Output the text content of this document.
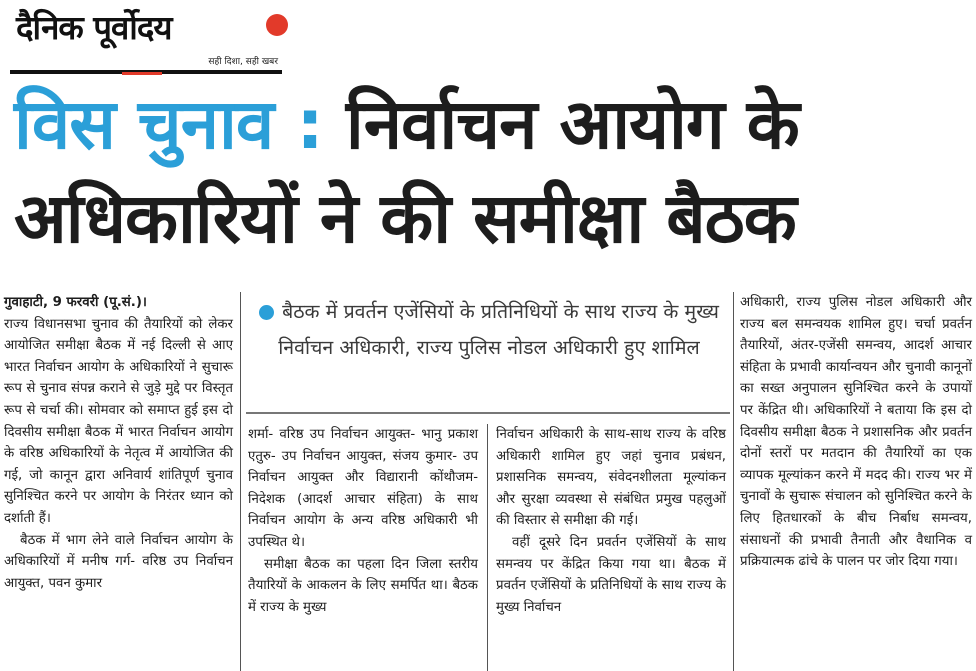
दैनिक पूर्वोदय
सही दिशा, सही खबर
विस चुनाव : निर्वाचन आयोग के
अधिकारियों ने की समीक्षा बैठक

गुवाहाटी, 9 फरवरी (पू.सं.)।

राज्य विधानसभा चुनाव की तैयारियों को लेकर आयोजित समीक्षा बैठक में नई दिल्ली से आए भारत निर्वाचन आयोग के अधिकारियों ने सुचारू रूप से चुनाव संपन्न कराने से जुड़े मुद्दे पर विस्तृत रूप से चर्चा की। सोमवार को समाप्त हुई इस दो दिवसीय समीक्षा बैठक में भारत निर्वाचन आयोग के वरिष्ठ अधिकारियों के नेतृत्व में आयोजित की गई, जो कानून द्वारा अनिवार्य शांतिपूर्ण चुनाव सुनिश्चित करने पर आयोग के निरंतर ध्यान को दर्शाती हैं।

बैठक में भाग लेने वाले निर्वाचन आयोग के अधिकारियों में मनीष गर्ग- वरिष्ठ उप निर्वाचन आयुक्त, पवन कुमार

बैठक में प्रवर्तन एजेंसियों के प्रतिनिधियों के साथ राज्य के मुख्य निर्वाचन अधिकारी, राज्य पुलिस नोडल अधिकारी हुए शामिल

शर्मा- वरिष्ठ उप निर्वाचन आयुक्त- भानु प्रकाश एतुरु- उप निर्वाचन आयुक्त, संजय कुमार- उप निर्वाचन आयुक्त और विद्यारानी कोंथौजम- निदेशक (आदर्श आचार संहिता) के साथ निर्वाचन आयोग के अन्य वरिष्ठ अधिकारी भी उपस्थित थे।

समीक्षा बैठक का पहला दिन जिला स्तरीय तैयारियों के आकलन के लिए समर्पित था। बैठक में राज्य के मुख्य

निर्वाचन अधिकारी के साथ-साथ राज्य के वरिष्ठ अधिकारी शामिल हुए जहां चुनाव प्रबंधन, प्रशासनिक समन्वय, संवेदनशीलता मूल्यांकन और सुरक्षा व्यवस्था से संबंधित प्रमुख पहलुओं की विस्तार से समीक्षा की गई।

वहीं दूसरे दिन प्रवर्तन एजेंसियों के साथ समन्वय पर केंद्रित किया गया था। बैठक में प्रवर्तन एजेंसियों के प्रतिनिधियों के साथ राज्य के मुख्य निर्वाचन

अधिकारी, राज्य पुलिस नोडल अधिकारी और राज्य बल समन्वयक शामिल हुए। चर्चा प्रवर्तन तैयारियों, अंतर-एजेंसी समन्वय, आदर्श आचार संहिता के प्रभावी कार्यान्वयन और चुनावी कानूनों का सख्त अनुपालन सुनिश्चित करने के उपायों पर केंद्रित थी। अधिकारियों ने बताया कि इस दो दिवसीय समीक्षा बैठक ने प्रशासनिक और प्रवर्तन दोनों स्तरों पर मतदान की तैयारियों का एक व्यापक मूल्यांकन करने में मदद की। राज्य भर में चुनावों के सुचारू संचालन को सुनिश्चित करने के लिए हितधारकों के बीच निर्बाध समन्वय, संसाधनों की प्रभावी तैनाती और वैधानिक व प्रक्रियात्मक ढांचे के पालन पर जोर दिया गया।
